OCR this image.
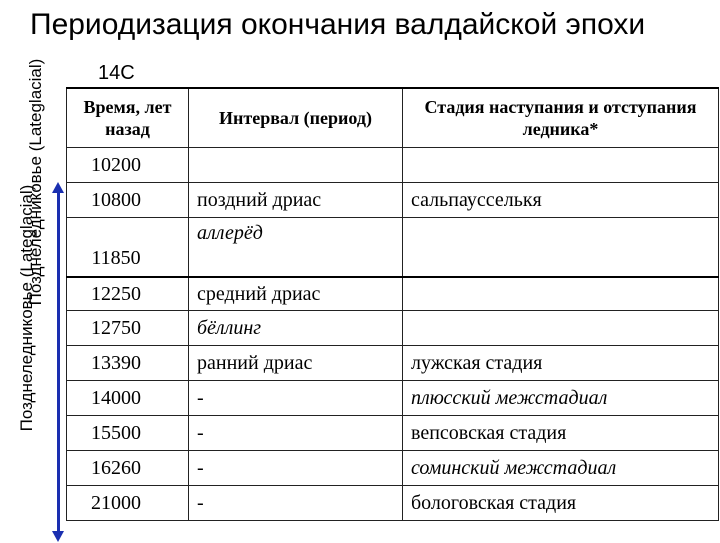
Периодизация окончания валдайской эпохи
14C
Позднеледниковье (Lateglacial)
Позднеледниковье (Lateglacial) Время, лет назад	Интервал (период)	Стадия наступания и отступания ледника*
10200		
10800	поздний дриас	сальпаусселькя
11850	аллерёд	
12250	средний дриас	
12750	бёллинг	
13390	ранний дриас	лужская стадия
14000	-	плюсский межстадиал
15500	-	вепсовская стадия
16260	-	соминский межстадиал
21000	-	бологовская стадия
